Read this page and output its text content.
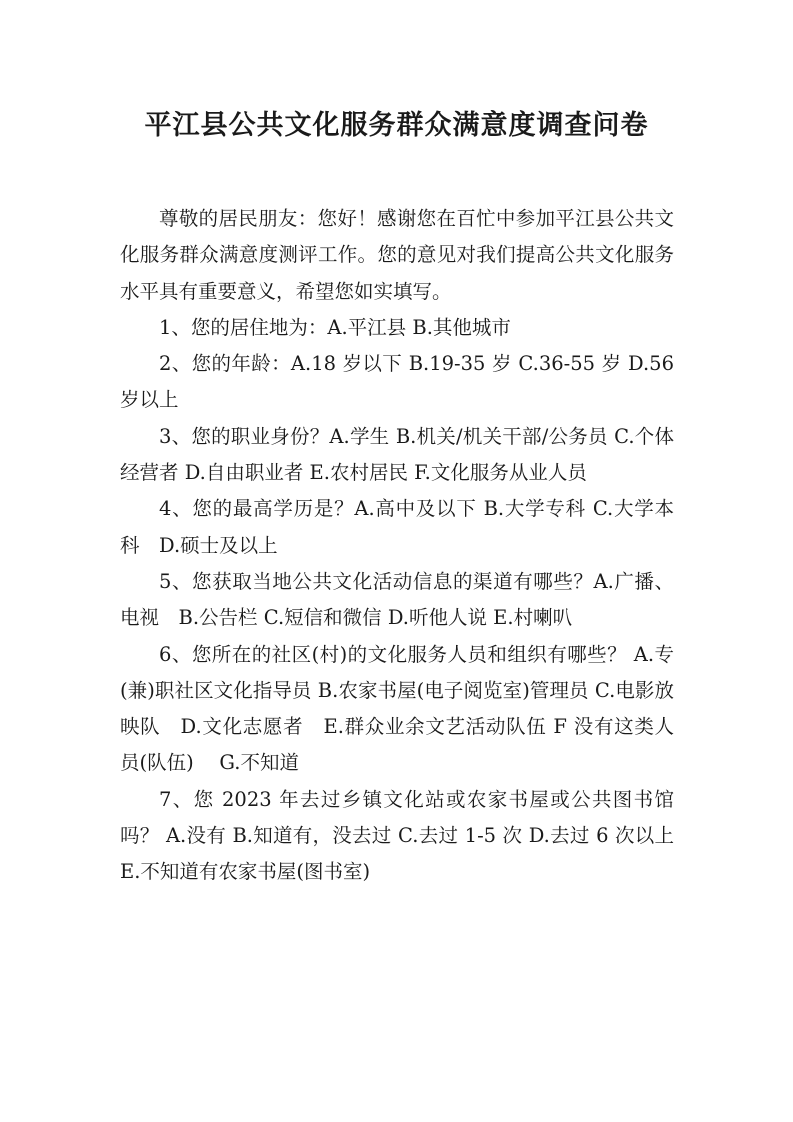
平江县公共文化服务群众满意度调查问卷

尊敬的居民朋友：您好！感谢您在百忙中参加平江县公共文化服务群众满意度测评工作。您的意见对我们提高公共文化服务水平具有重要意义，希望您如实填写。

1、您的居住地为：A.平江县 B.其他城市

2、您的年龄：A.18 岁以下 B.19-35 岁 C.36-55 岁 D.56 岁以上

3、您的职业身份？A.学生 B.机关/机关干部/公务员 C.个体经营者 D.自由职业者 E.农村居民 F.文化服务从业人员

4、您的最高学历是？A.高中及以下 B.大学专科 C.大学本科　D.硕士及以上

5、您获取当地公共文化活动信息的渠道有哪些？A.广播、电视　B.公告栏 C.短信和微信 D.听他人说 E.村喇叭

6、您所在的社区(村)的文化服务人员和组织有哪些？ A.专(兼)职社区文化指导员 B.农家书屋(电子阅览室)管理员 C.电影放映队　D.文化志愿者　E.群众业余文艺活动队伍 F 没有这类人员(队伍)　 G.不知道

7、您 2023 年去过乡镇文化站或农家书屋或公共图书馆吗？ A.没有 B.知道有，没去过 C.去过 1-5 次 D.去过 6 次以上 E.不知道有农家书屋(图书室)
